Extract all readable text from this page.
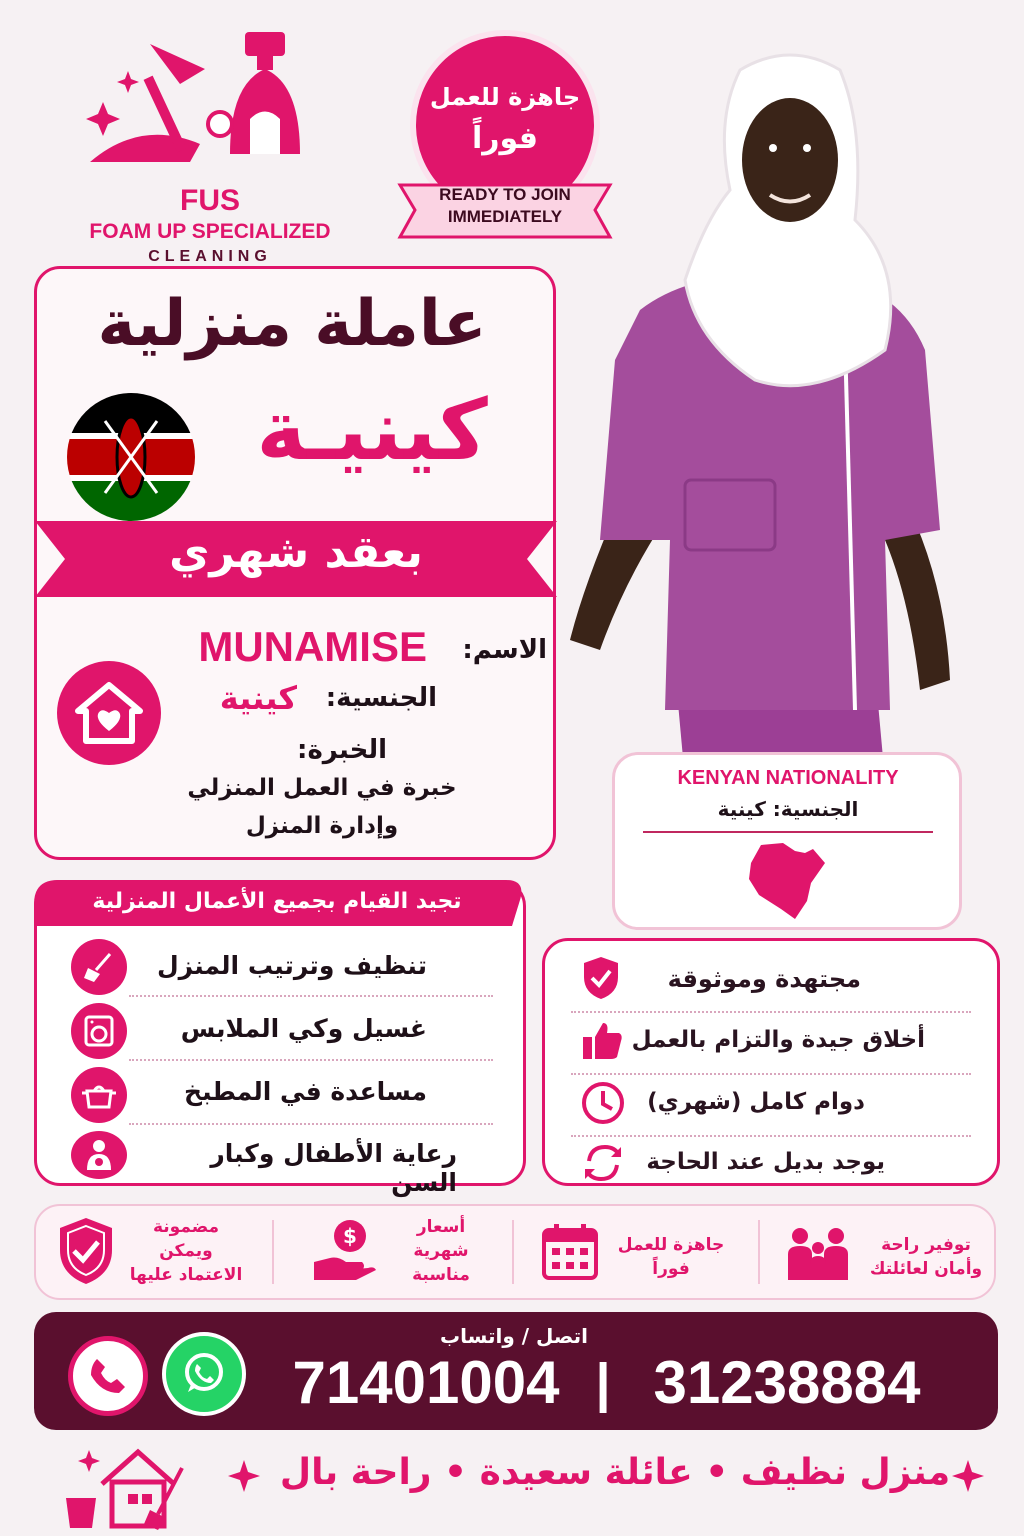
FUS
FOAM UP SPECIALIZED
CLEANING
جاهزة للعمل
فوراً
READY TO JOIN
IMMEDIATELY
عاملة منزلية
كينيـة
بعقد شهري
الاسم:
MUNAMISE
الجنسية:
كينية
الخبرة:
خبرة في العمل المنزلي
وإدارة المنزل
KENYAN NATIONALITY
الجنسية: كينية
تجيد القيام بجميع الأعمال المنزلية
تنظيف وترتيب المنزل
غسيل وكي الملابس
مساعدة في المطبخ
رعاية الأطفال وكبار السن
مجتهدة وموثوقة
أخلاق جيدة والتزام بالعمل
دوام كامل (شهري)
يوجد بديل عند الحاجة
توفير راحة
وأمان لعائلتك
جاهزة للعمل
فوراً
$	أسعار
شهرية
مناسبة
مضمونة
ويمكن
الاعتماد عليها
اتصل / واتساب
71401004 | 31238884
منزل نظيف • عائلة سعيدة • راحة بال
